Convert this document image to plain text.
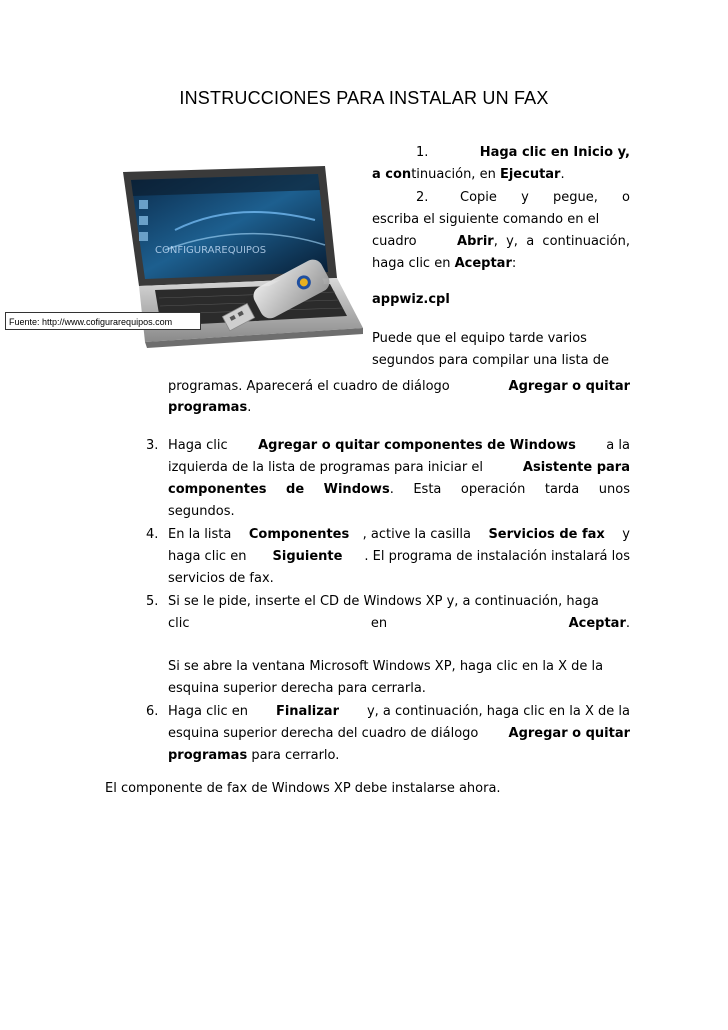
INSTRUCCIONES PARA INSTALAR UN FAX
CONFIGURAREQUIPOS
Fuente: http://www.cofigurarequipos.com
1.	Haga clic en Inicio y,
a continuación, en Ejecutar.
2. Copie y pegue, o
escriba el siguiente comando en el
cuadro	Abrir,  y,  a  continuación,
haga clic en Aceptar:
appwiz.cpl
Puede que el equipo tarde varios
segundos para compilar una lista de
programas. Aparecerá el cuadro de diálogo	Agregar o quitar
programas.
3. Haga clic Agregar o quitar componentes de Windows a la
izquierda de la lista de programas para iniciar el	Asistente para
componentes de Windows. Esta operación tarda unos
segundos.
4. En la lista Componentes , active la casilla Servicios de fax y
haga clic en Siguiente . El programa de instalación instalará los
servicios de fax.
5. Si se le pide, inserte el CD de Windows XP y, a continuación, haga
clic	en	Aceptar.
Si se abre la ventana Microsoft Windows XP, haga clic en la X de la
esquina superior derecha para cerrarla.
6. Haga clic en Finalizar y, a continuación, haga clic en la X de la
esquina superior derecha del cuadro de diálogo Agregar o quitar
programas para cerrarlo.
El componente de fax de Windows XP debe instalarse ahora.
